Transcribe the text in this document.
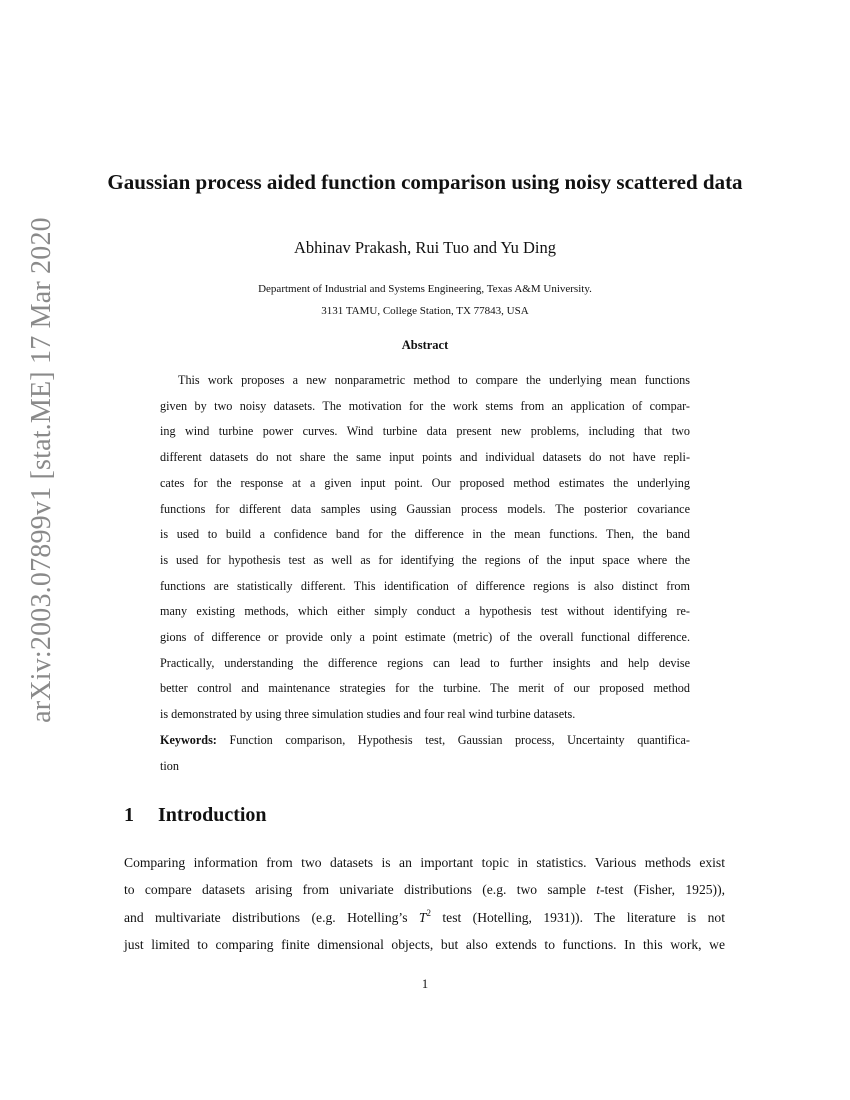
arXiv:2003.07899v1 [stat.ME] 17 Mar 2020
Gaussian process aided function comparison using noisy scattered data
Abhinav Prakash, Rui Tuo and Yu Ding
Department of Industrial and Systems Engineering, Texas A&M University.
3131 TAMU, College Station, TX 77843, USA
Abstract
This work proposes a new nonparametric method to compare the underlying mean functions
given by two noisy datasets. The motivation for the work stems from an application of compar-
ing wind turbine power curves. Wind turbine data present new problems, including that two
different datasets do not share the same input points and individual datasets do not have repli-
cates for the response at a given input point. Our proposed method estimates the underlying
functions for different data samples using Gaussian process models. The posterior covariance
is used to build a confidence band for the difference in the mean functions. Then, the band
is used for hypothesis test as well as for identifying the regions of the input space where the
functions are statistically different. This identification of difference regions is also distinct from
many existing methods, which either simply conduct a hypothesis test without identifying re-
gions of difference or provide only a point estimate (metric) of the overall functional difference.
Practically, understanding the difference regions can lead to further insights and help devise
better control and maintenance strategies for the turbine. The merit of our proposed method
is demonstrated by using three simulation studies and four real wind turbine datasets.
Keywords: Function comparison, Hypothesis test, Gaussian process, Uncertainty quantifica-
tion
1 Introduction
Comparing information from two datasets is an important topic in statistics. Various methods exist
to compare datasets arising from univariate distributions (e.g. two sample t-test (Fisher, 1925)),
and multivariate distributions (e.g. Hotelling’s $T^2$ test (Hotelling, 1931)). The literature is not
just limited to comparing finite dimensional objects, but also extends to functions. In this work, we
1
